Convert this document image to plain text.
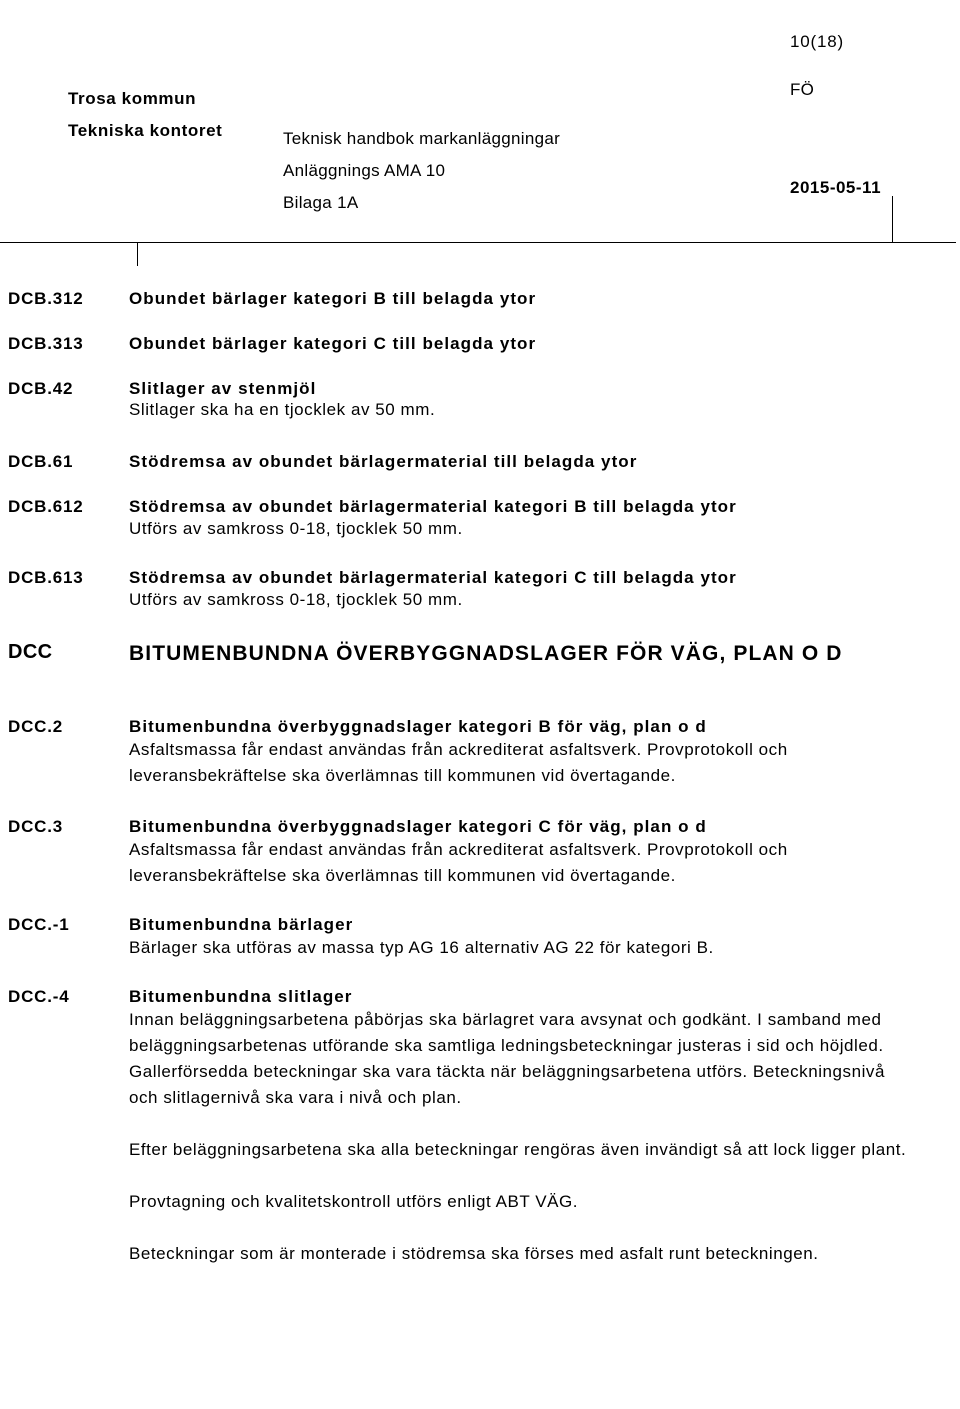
10(18)
Trosa kommun
Tekniska kontoret	Teknisk handbok markanläggningar
Anläggnings AMA 10
Bilaga 1A
FÖ
2015-05-11
DCB.312
DCB.313
DCB.42
DCB.61
DCB.612
DCB.613
DCC
DCC.2
DCC.3
DCC.-1
DCC.-4
Obundet bärlager kategori B till belagda ytor
Obundet bärlager kategori C till belagda ytor
Slitlager av stenmjöl

Slitlager ska ha en tjocklek av 50 mm.

Stödremsa av obundet bärlagermaterial till belagda ytor
Stödremsa av obundet bärlagermaterial kategori B till belagda ytor

Utförs av samkross 0-18, tjocklek 50 mm.

Stödremsa av obundet bärlagermaterial kategori C till belagda ytor

Utförs av samkross 0-18, tjocklek 50 mm.

BITUMENBUNDNA ÖVERBYGGNADSLAGER FÖR VÄG, PLAN O D
Bitumenbundna överbyggnadslager kategori B för väg, plan o d

Asfaltsmassa får endast användas från ackrediterat asfaltsverk. Provprotokoll och leveransbekräftelse ska överlämnas till kommunen vid övertagande.

Bitumenbundna överbyggnadslager kategori C för väg, plan o d

Asfaltsmassa får endast användas från ackrediterat asfaltsverk. Provprotokoll och leveransbekräftelse ska överlämnas till kommunen vid övertagande.

Bitumenbundna bärlager

Bärlager ska utföras av massa typ AG 16 alternativ AG 22 för kategori B.

Bitumenbundna slitlager

Innan beläggningsarbetena påbörjas ska bärlagret vara avsynat och godkänt. I samband med beläggningsarbetenas utförande ska samtliga ledningsbeteckningar justeras i sid och höjdled. Gallerförsedda beteckningar ska vara täckta när beläggningsarbetena utförs. Beteckningsnivå och slitlagernivå ska vara i nivå och plan.

Efter beläggningsarbetena ska alla beteckningar rengöras även invändigt så att lock ligger plant.

Provtagning och kvalitetskontroll utförs enligt ABT VÄG.

Beteckningar som är monterade i stödremsa ska förses med asfalt runt beteckningen.
